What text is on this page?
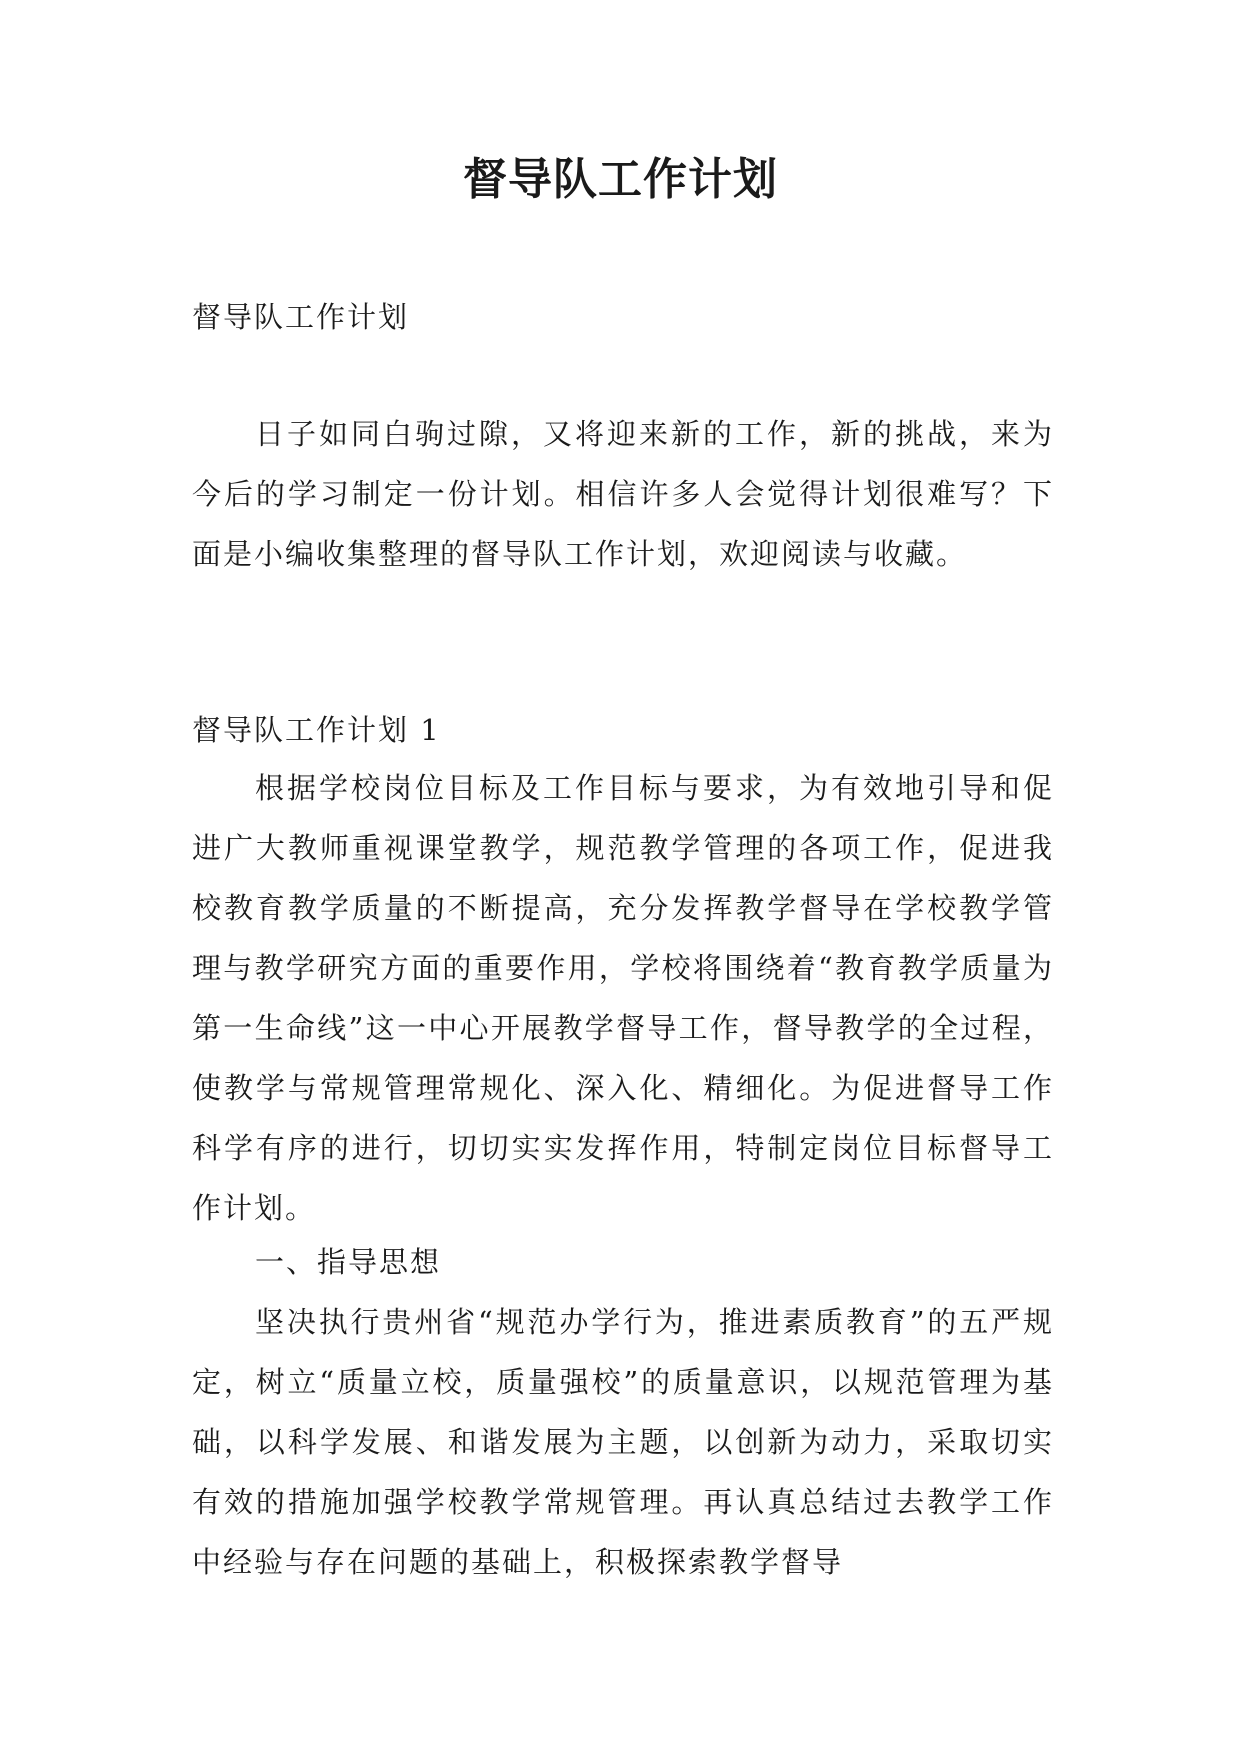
督导队工作计划

督导队工作计划

日子如同白驹过隙，又将迎来新的工作，新的挑战，来为今后的学习制定一份计划。相信许多人会觉得计划很难写？下面是小编收集整理的督导队工作计划，欢迎阅读与收藏。

督导队工作计划 1

根据学校岗位目标及工作目标与要求，为有效地引导和促进广大教师重视课堂教学，规范教学管理的各项工作，促进我校教育教学质量的不断提高，充分发挥教学督导在学校教学管理与教学研究方面的重要作用，学校将围绕着“教育教学质量为第一生命线”这一中心开展教学督导工作，督导教学的全过程，使教学与常规管理常规化、深入化、精细化。为促进督导工作科学有序的进行，切切实实发挥作用，特制定岗位目标督导工作计划。

一、指导思想

坚决执行贵州省“规范办学行为，推进素质教育”的五严规定，树立“质量立校，质量强校”的质量意识，以规范管理为基础，以科学发展、和谐发展为主题，以创新为动力，采取切实有效的措施加强学校教学常规管理。再认真总结过去教学工作中经验与存在问题的基础上，积极探索教学督导
